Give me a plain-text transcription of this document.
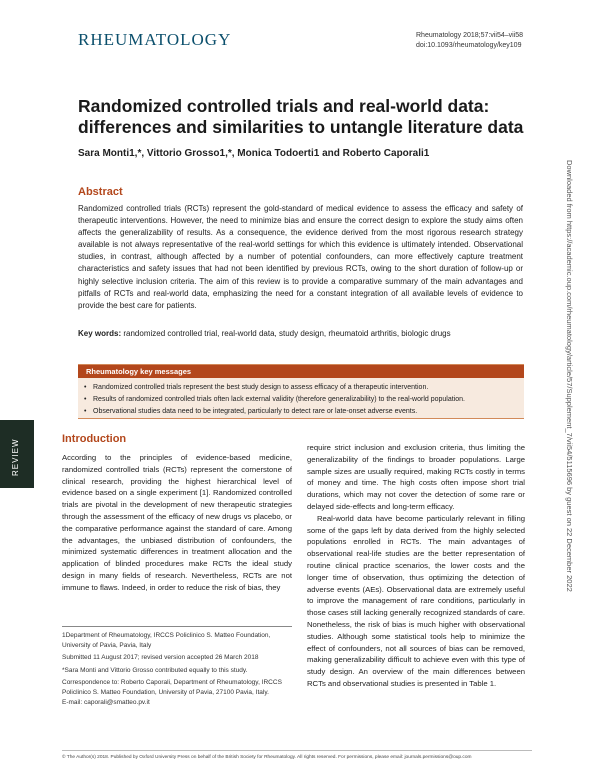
RHEUMATOLOGY	Rheumatology 2018;57:vii54–vii58
doi:10.1093/rheumatology/key109
Randomized controlled trials and real-world data: differences and similarities to untangle literature data
Sara Monti1,*, Vittorio Grosso1,*, Monica Todoerti1 and Roberto Caporali1
Abstract

Randomized controlled trials (RCTs) represent the gold-standard of medical evidence to assess the efficacy and safety of therapeutic interventions. However, the need to minimize bias and ensure the correct design to explore the study aims often affects the generalizability of results. As a consequence, the evidence derived from the most rigorous research strategy available is not always representative of the real-world settings for which this evidence is ultimately intended. Observational studies, in contrast, although affected by a number of potential confounders, can more effectively capture treatment characteristics and safety issues that had not been identified by previous RCTs, owing to the short duration of follow-up or highly selective inclusion criteria. The aim of this review is to provide a comparative summary of the main advantages and pitfalls of RCTs and real-world data, emphasizing the need for a constant integration of all available levels of evidence to provide the best care for patients.

Key words: randomized controlled trial, real-world data, study design, rheumatoid arthritis, biologic drugs

Rheumatology key messages
• Randomized controlled trials represent the best study design to assess efficacy of a therapeutic intervention.
• Results of randomized controlled trials often lack external validity (therefore generalizability) to the real-world population.
• Observational studies data need to be integrated, particularly to detect rare or late-onset adverse events.
REVIEW	Introduction

According to the principles of evidence-based medicine, randomized controlled trials (RCTs) represent the cornerstone of clinical research, providing the highest hierarchical level of evidence based on a single experiment [1]. Randomized controlled trials are pivotal in the development of new therapeutic strategies through the assessment of the efficacy of new drugs vs placebo, or the comparative performance against the standard of care. Among the advantages, the unbiased distribution of confounders, the minimized systematic differences in treatment allocation and the application of blinded procedures make RCTs the ideal study design in many fields of research. Nevertheless, RCTs are not immune to flaws. Indeed, in order to reduce the risk of bias, they

require strict inclusion and exclusion criteria, thus limiting the generalizability of the findings to broader populations. Large sample sizes are usually required, making RCTs costly in terms of money and time. The high costs often impose short trial durations, which may not cover the detection of some rare or delayed side-effects and long-term efficacy.

Real-world data have become particularly relevant in filling some of the gaps left by data derived from the highly selected populations enrolled in RCTs. The main advantages of observational real-life studies are the better representation of routine clinical practice scenarios, the lower costs and the longer time of observation, thus optimizing the detection of adverse events (AEs). Observational data are extremely useful to improve the management of rare conditions, particularly in those cases still lacking generally recognized standards of care. Nonetheless, the risk of bias is much higher with observational studies. Although some statistical tools help to minimize the effect of confounders, not all sources of bias can be removed, making generalizability difficult to achieve even with this type of study design. An overview of the main differences between RCTs and observational studies is presented in Table 1.

1Department of Rheumatology, IRCCS Policlinico S. Matteo Foundation, University of Pavia, Pavia, Italy
Submitted 11 August 2017; revised version accepted 26 March 2018
*Sara Monti and Vittorio Grosso contributed equally to this study.
Correspondence to: Roberto Caporali, Department of Rheumatology, IRCCS Policlinico S. Matteo Foundation, University of Pavia, 27100 Pavia, Italy.
E-mail: caporali@smatteo.pv.it
Downloaded from https://academic.oup.com/rheumatology/article/57/Supplement_7/vii54/5115696 by guest on 22 December 2022
© The Author(s) 2018. Published by Oxford University Press on behalf of the British Society for Rheumatology. All rights reserved. For permissions, please email: journals.permissions@oup.com
